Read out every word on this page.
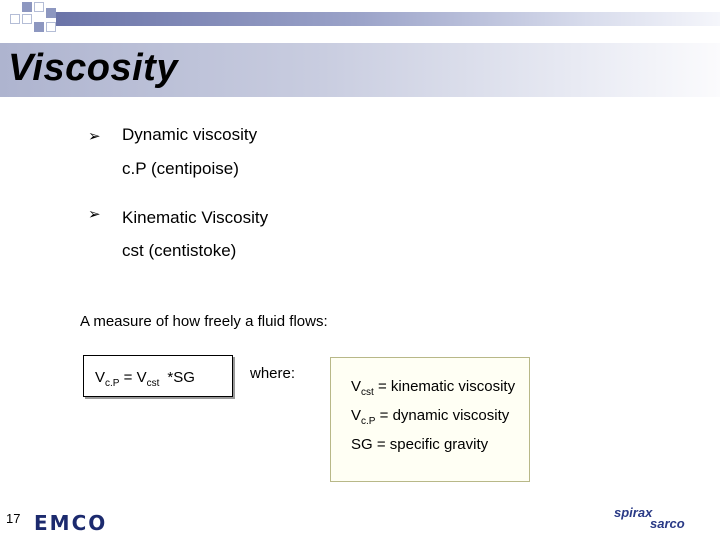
Viscosity
➢ Dynamic viscosity
c.P (centipoise)
➢ Kinematic Viscosity
cst (centistoke)
A measure of how freely a fluid flows:
$V_{c.P} = V_{cst}$ *SG	where:
$V_{cst}$ = kinematic viscosity
$V_{c.P}$ = dynamic viscosity
SG = specific gravity
17 EMCO	spirax
sarco
